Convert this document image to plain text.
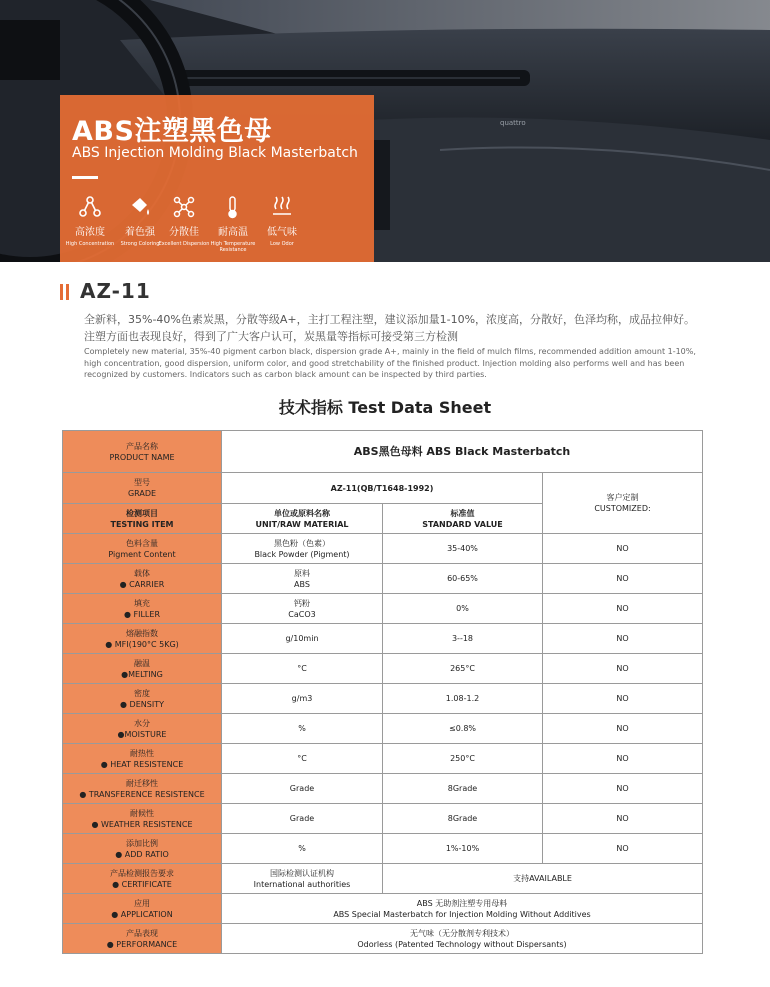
quattro
ABS注塑黑色母
ABS Injection Molding Black Masterbatch
高浓度
High Concentration
着色强
Strong Coloring
分散佳
Excellent Dispersion
耐高温
High Temperature Resistance
低气味
Low Odor
AZ-11
全新料，35%-40%色素炭黑，分散等级A+，主打工程注塑，建议添加量1-10%，浓度高，分散好，色泽均称，成品拉伸好。注塑方面也表现良好，得到了广大客户认可，炭黑量等指标可接受第三方检测
Completely new material, 35%-40 pigment carbon black, dispersion grade A+, mainly in the field of mulch films, recommended addition amount 1-10%, high concentration, good dispersion, uniform color, and good stretchability of the finished product. Injection molding also performs well and has been recognized by customers. Indicators such as carbon black amount can be inspected by third parties.
技术指标 Test Data Sheet
产品名称
PRODUCT NAME	ABS黑色母料 ABS Black Masterbatch		

型号
GRADE	AZ-11(QB/T1648-1992)		客户定制
CUSTOMIZED:

检测项目
TESTING ITEM	单位或原料名称
UNIT/RAW MATERIAL	标准值
STANDARD VALUE	

色料含量
Pigment Content	黑色粉（色素）
Black Powder (Pigment)	35-40%	NO

载体
● CARRIER	原料
ABS	60-65%	NO

填充
● FILLER	钙粉
CaCO3	0%	NO

熔融指数
● MFI(190°C 5KG)	g/10min	3--18	NO

融温
●MELTING	°C	265°C	NO

密度
● DENSITY	g/m3	1.08-1.2	NO

水分
●MOISTURE	%	≤0.8%	NO

耐热性
● HEAT RESISTENCE	°C	250°C	NO

耐迁移性
● TRANSFERENCE RESISTENCE	Grade	8Grade	NO

耐候性
● WEATHER RESISTENCE	Grade	8Grade	NO

添加比例
● ADD RATIO	%	1%-10%	NO

产品检测报告要求
● CERTIFICATE	国际检测认证机构
International authorities	支持AVAILABLE	

应用
● APPLICATION	ABS 无助剂注塑专用母料
ABS Special Masterbatch for Injection Molding Without Additives		

产品表现
● PERFORMANCE	无气味（无分散剂专利技术）
Odorless (Patented Technology without Dispersants)		
